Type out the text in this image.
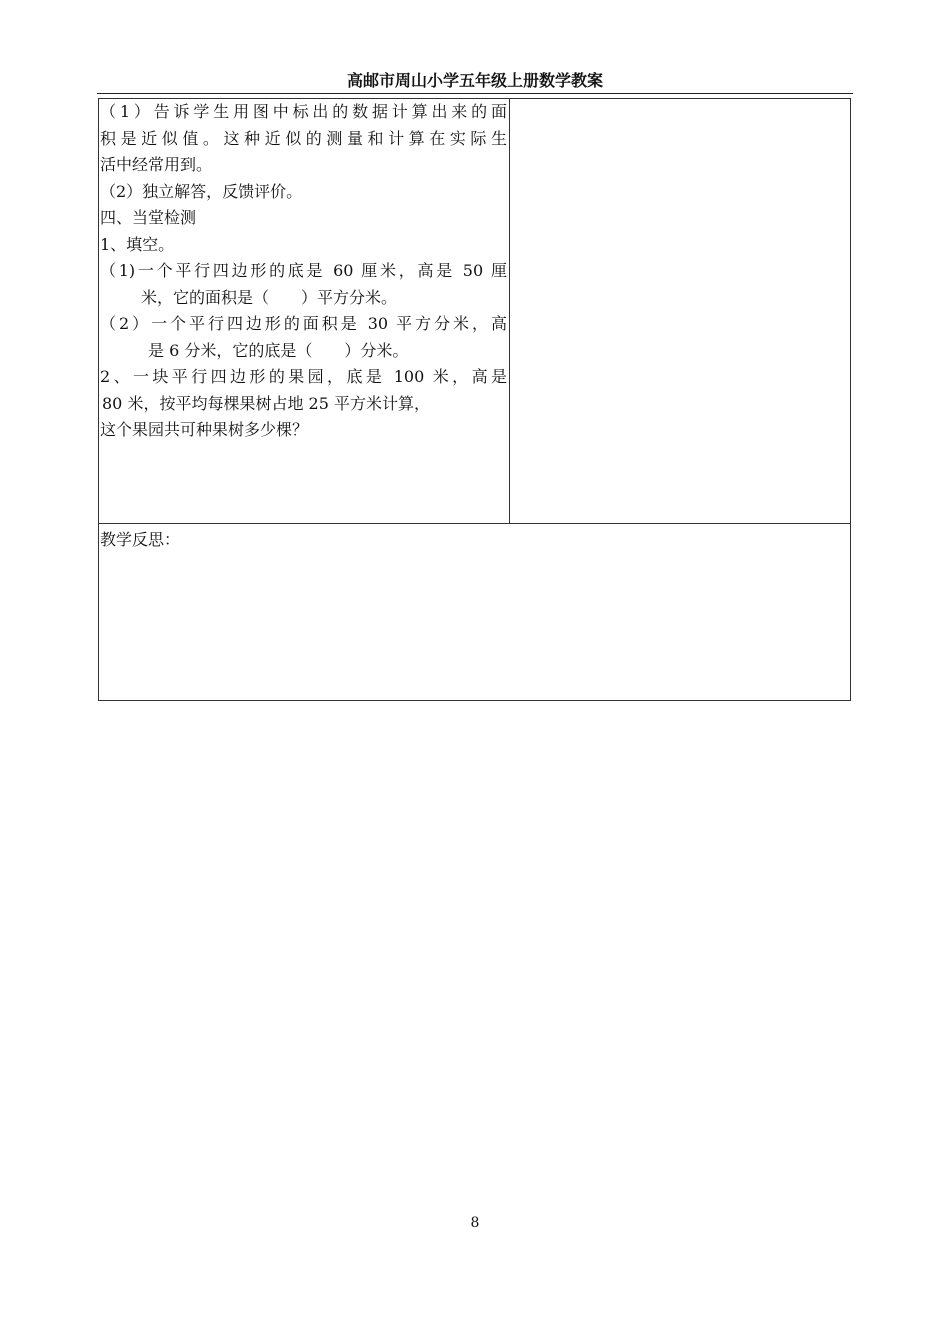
高邮市周山小学五年级上册数学教案
（1）告诉学生用图中标出的数据计算出来的面
积是近似值。这种近似的测量和计算在实际生
活中经常用到。
（2）独立解答，反馈评价。
四、当堂检测
1、填空。
（1)一个平行四边形的底是 60 厘米，高是 50 厘
米，它的面积是（　　）平方分米。
（2）一个平行四边形的面积是 30 平方分米，高
是 6 分米，它的底是（　　）分米。
2、一块平行四边形的果园，底是 100 米，高是
80 米，按平均每棵果树占地 25 平方米计算，
这个果园共可种果树多少棵？
教学反思：
8
